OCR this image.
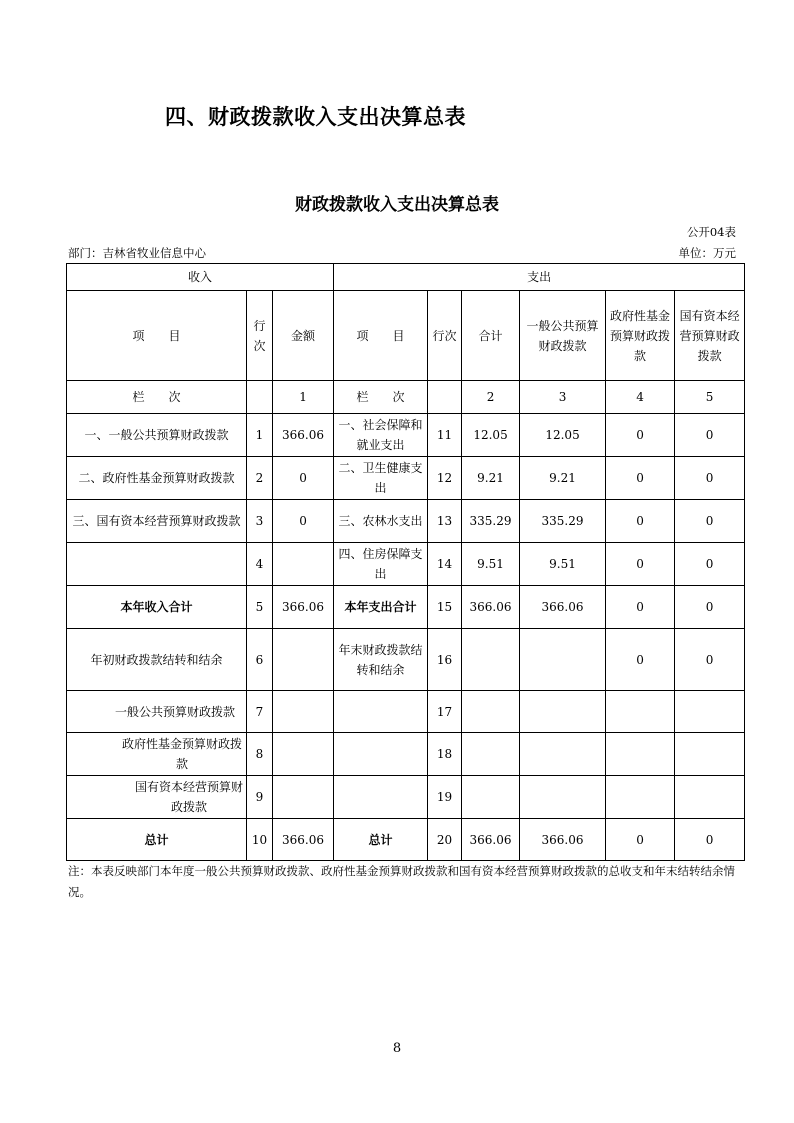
四、财政拨款收入支出决算总表
财政拨款收入支出决算总表
公开04表
部门：吉林省牧业信息中心	单位：万元
收入			支出					
项　　目	行次	金额	项　　目	行次	合计	一般公共预算财政拨款	政府性基金预算财政拨款	国有资本经营预算财政拨款
栏　　次		1	栏　　次		2	3	4	5
一、一般公共预算财政拨款	1	366.06	一、社会保障和就业支出	11	12.05	12.05	0	0
二、政府性基金预算财政拨款	2	0	二、卫生健康支出	12	9.21	9.21	0	0
三、国有资本经营预算财政拨款	3	0	三、农林水支出	13	335.29	335.29	0	0
	4		四、住房保障支出	14	9.51	9.51	0	0
本年收入合计	5	366.06	本年支出合计	15	366.06	366.06	0	0
年初财政拨款结转和结余	6		年末财政拨款结转和结余	16			0	0
一般公共预算财政拨款	7			17				
政府性基金预算财政拨款	8			18				
国有资本经营预算财政拨款	9			19				
总计	10	366.06	总计	20	366.06	366.06	0	0
注：本表反映部门本年度一般公共预算财政拨款、政府性基金预算财政拨款和国有资本经营预算财政拨款的总收支和年末结转结余情况。
8
